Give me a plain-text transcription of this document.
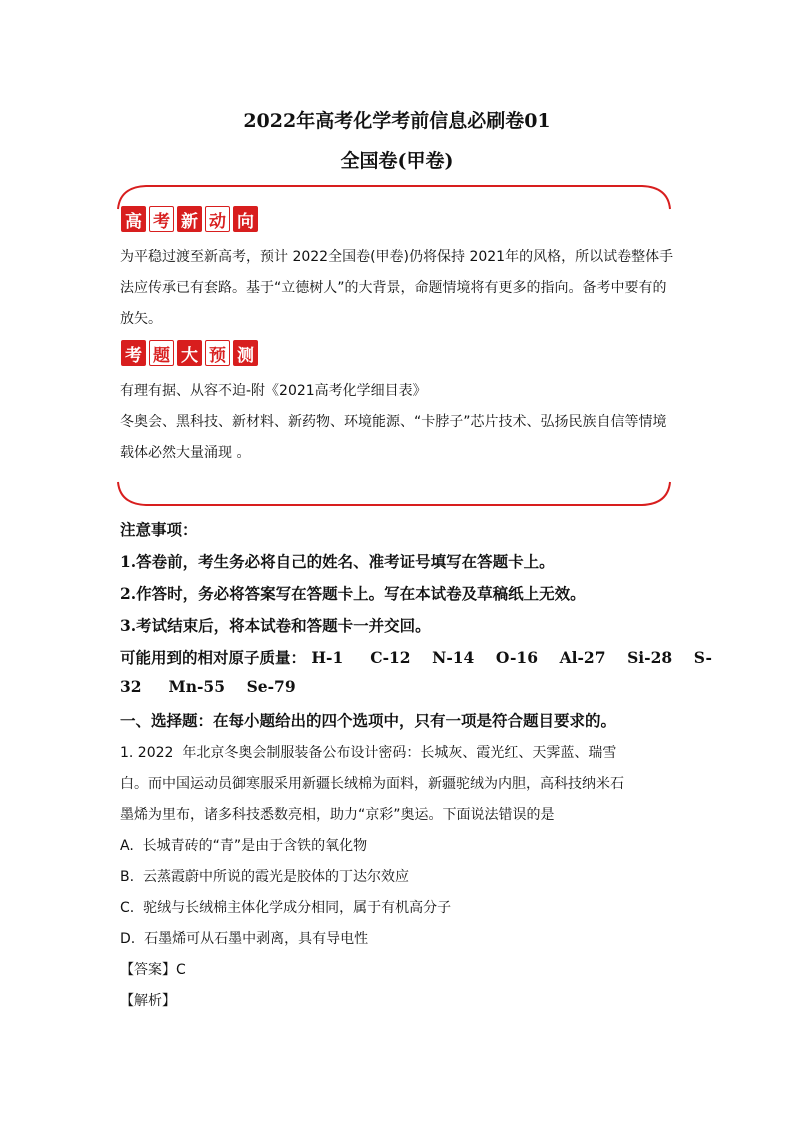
2022年高考化学考前信息必刷卷01
全国卷(甲卷)
高 考 新 动 向
为平稳过渡至新高考，预计 2022全国卷(甲卷)仍将保持 2021年的风格，所以试卷整体手
法应传承已有套路。基于“立德树人”的大背景，命题情境将有更多的指向。备考中要有的
放矢。
考 题 大 预 测
有理有据、从容不迫-附《2021高考化学细目表》
冬奥会、黑科技、新材料、新药物、环境能源、“卡脖子”芯片技术、弘扬民族自信等情境
载体必然大量涌现 。
注意事项：
1.答卷前，考生务必将自己的姓名、准考证号填写在答题卡上。
2.作答时，务必将答案写在答题卡上。写在本试卷及草稿纸上无效。
3.考试结束后，将本试卷和答题卡一并交回。
可能用到的相对原子质量： H-1     C-12    N-14    O-16    Al-27    Si-28    S-
32     Mn-55    Se-79
一、选择题：在每小题给出的四个选项中，只有一项是符合题目要求的。
1. 2022  年北京冬奥会制服装备公布设计密码：长城灰、霞光红、天霁蓝、瑞雪
白。而中国运动员御寒服采用新疆长绒棉为面料，新疆驼绒为内胆，高科技纳米石
墨烯为里布，诸多科技悉数亮相，助力“京彩”奥运。下面说法错误的是
A.  长城青砖的“青”是由于含铁的氧化物
B.  云蒸霞蔚中所说的霞光是胶体的丁达尔效应
C.  驼绒与长绒棉主体化学成分相同，属于有机高分子
D.  石墨烯可从石墨中剥离，具有导电性
【答案】C
【解析】
